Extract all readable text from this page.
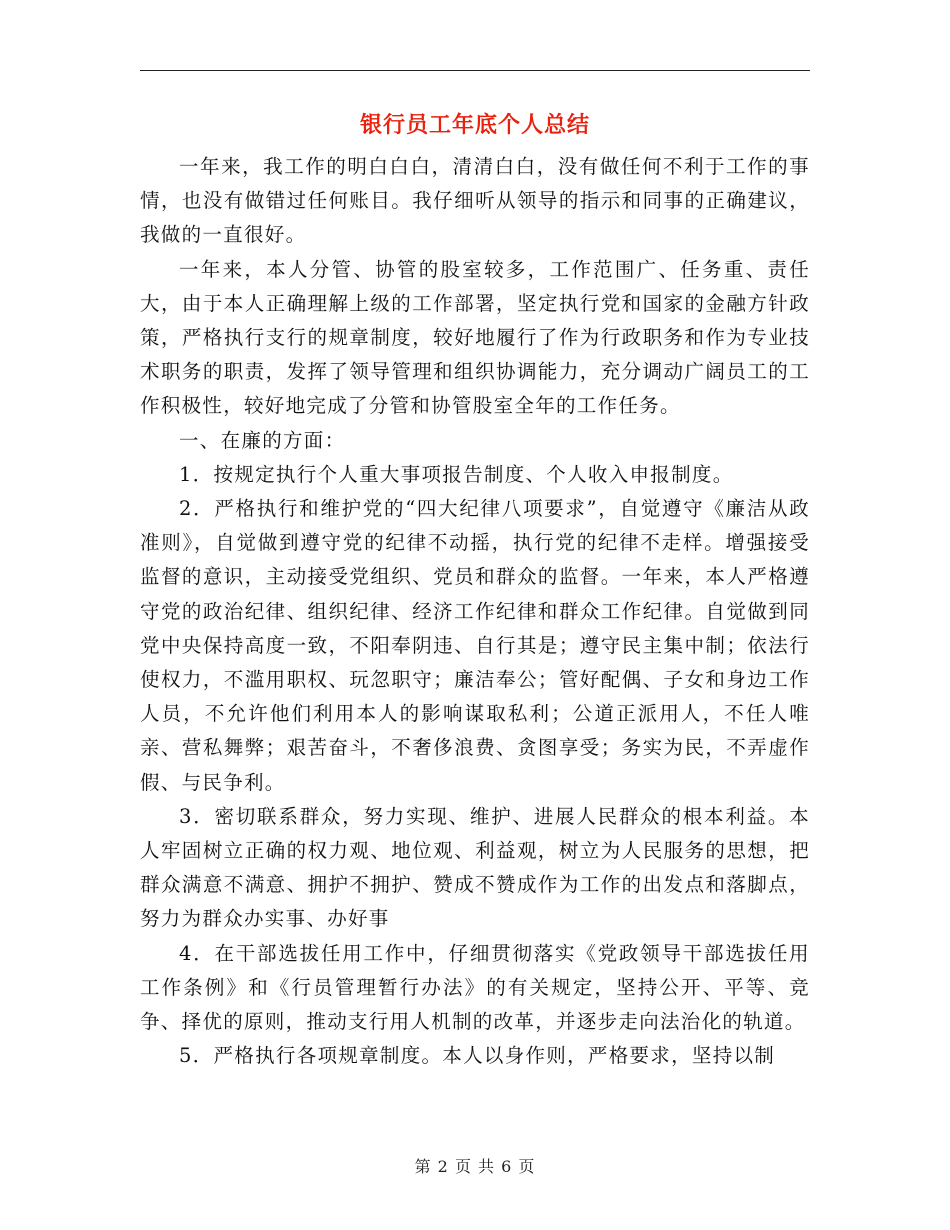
银行员工年底个人总结

一年来，我工作的明白白白，清清白白，没有做任何不利于工作的事情，也没有做错过任何账目。我仔细听从领导的指示和同事的正确建议，我做的一直很好。

一年来，本人分管、协管的股室较多，工作范围广、任务重、责任大，由于本人正确理解上级的工作部署，坚定执行党和国家的金融方针政策，严格执行支行的规章制度，较好地履行了作为行政职务和作为专业技术职务的职责，发挥了领导管理和组织协调能力，充分调动广阔员工的工作积极性，较好地完成了分管和协管股室全年的工作任务。

一、在廉的方面：

1．按规定执行个人重大事项报告制度、个人收入申报制度。

2．严格执行和维护党的“四大纪律八项要求”，自觉遵守《廉洁从政准则》，自觉做到遵守党的纪律不动摇，执行党的纪律不走样。增强接受监督的意识，主动接受党组织、党员和群众的监督。一年来，本人严格遵守党的政治纪律、组织纪律、经济工作纪律和群众工作纪律。自觉做到同党中央保持高度一致，不阳奉阴违、自行其是；遵守民主集中制；依法行使权力，不滥用职权、玩忽职守；廉洁奉公；管好配偶、子女和身边工作人员，不允许他们利用本人的影响谋取私利；公道正派用人，不任人唯亲、营私舞弊；艰苦奋斗，不奢侈浪费、贪图享受；务实为民，不弄虚作假、与民争利。

3．密切联系群众，努力实现、维护、进展人民群众的根本利益。本人牢固树立正确的权力观、地位观、利益观，树立为人民服务的思想，把群众满意不满意、拥护不拥护、赞成不赞成作为工作的出发点和落脚点，努力为群众办实事、办好事

4．在干部选拔任用工作中，仔细贯彻落实《党政领导干部选拔任用工作条例》和《行员管理暂行办法》的有关规定，坚持公开、平等、竞争、择优的原则，推动支行用人机制的改革，并逐步走向法治化的轨道。

5．严格执行各项规章制度。本人以身作则，严格要求，坚持以制

第 2 页 共 6 页
